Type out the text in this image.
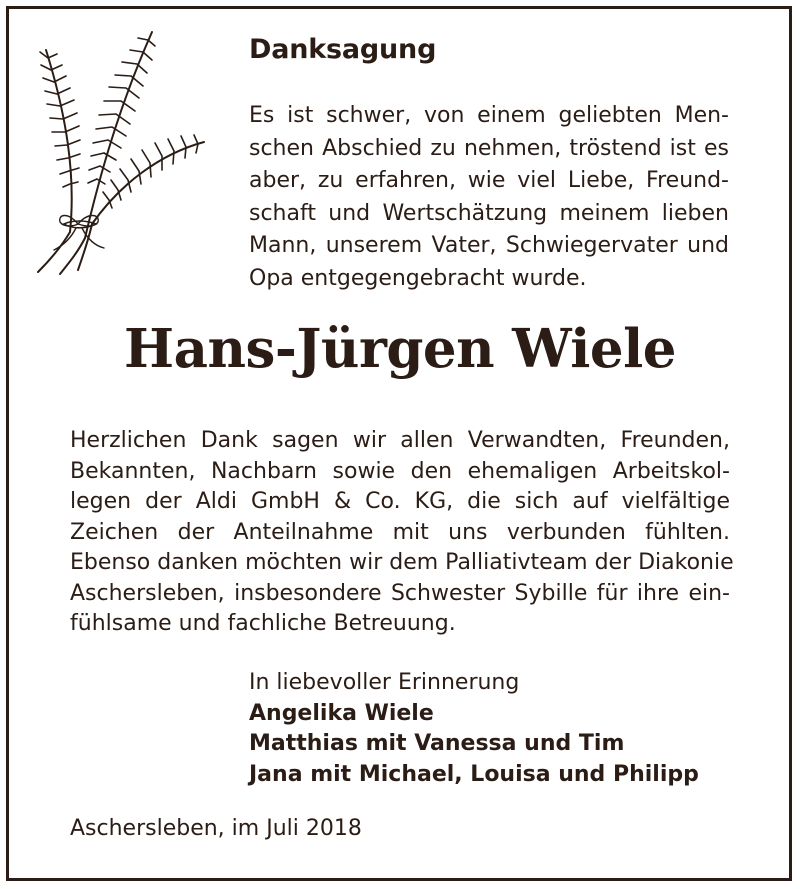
Danksagung
Es ist schwer, von einem geliebten Men-
schen Abschied zu nehmen, tröstend ist es
aber, zu erfahren, wie viel Liebe, Freund-
schaft und Wertschätzung meinem lieben
Mann, unserem Vater, Schwiegervater und
Opa entgegengebracht wurde.
Hans-Jürgen Wiele
Herzlichen Dank sagen wir allen Verwandten, Freunden,
Bekannten, Nachbarn sowie den ehemaligen Arbeitskol-
legen der Aldi GmbH & Co. KG, die sich auf vielfältige
Zeichen der Anteilnahme mit uns verbunden fühlten.
Ebenso danken möchten wir dem Palliativteam der Diakonie
Aschersleben, insbesondere Schwester Sybille für ihre ein-
fühlsame und fachliche Betreuung.
In liebevoller Erinnerung
Angelika Wiele
Matthias mit Vanessa und Tim
Jana mit Michael, Louisa und Philipp

Aschersleben, im Juli 2018
